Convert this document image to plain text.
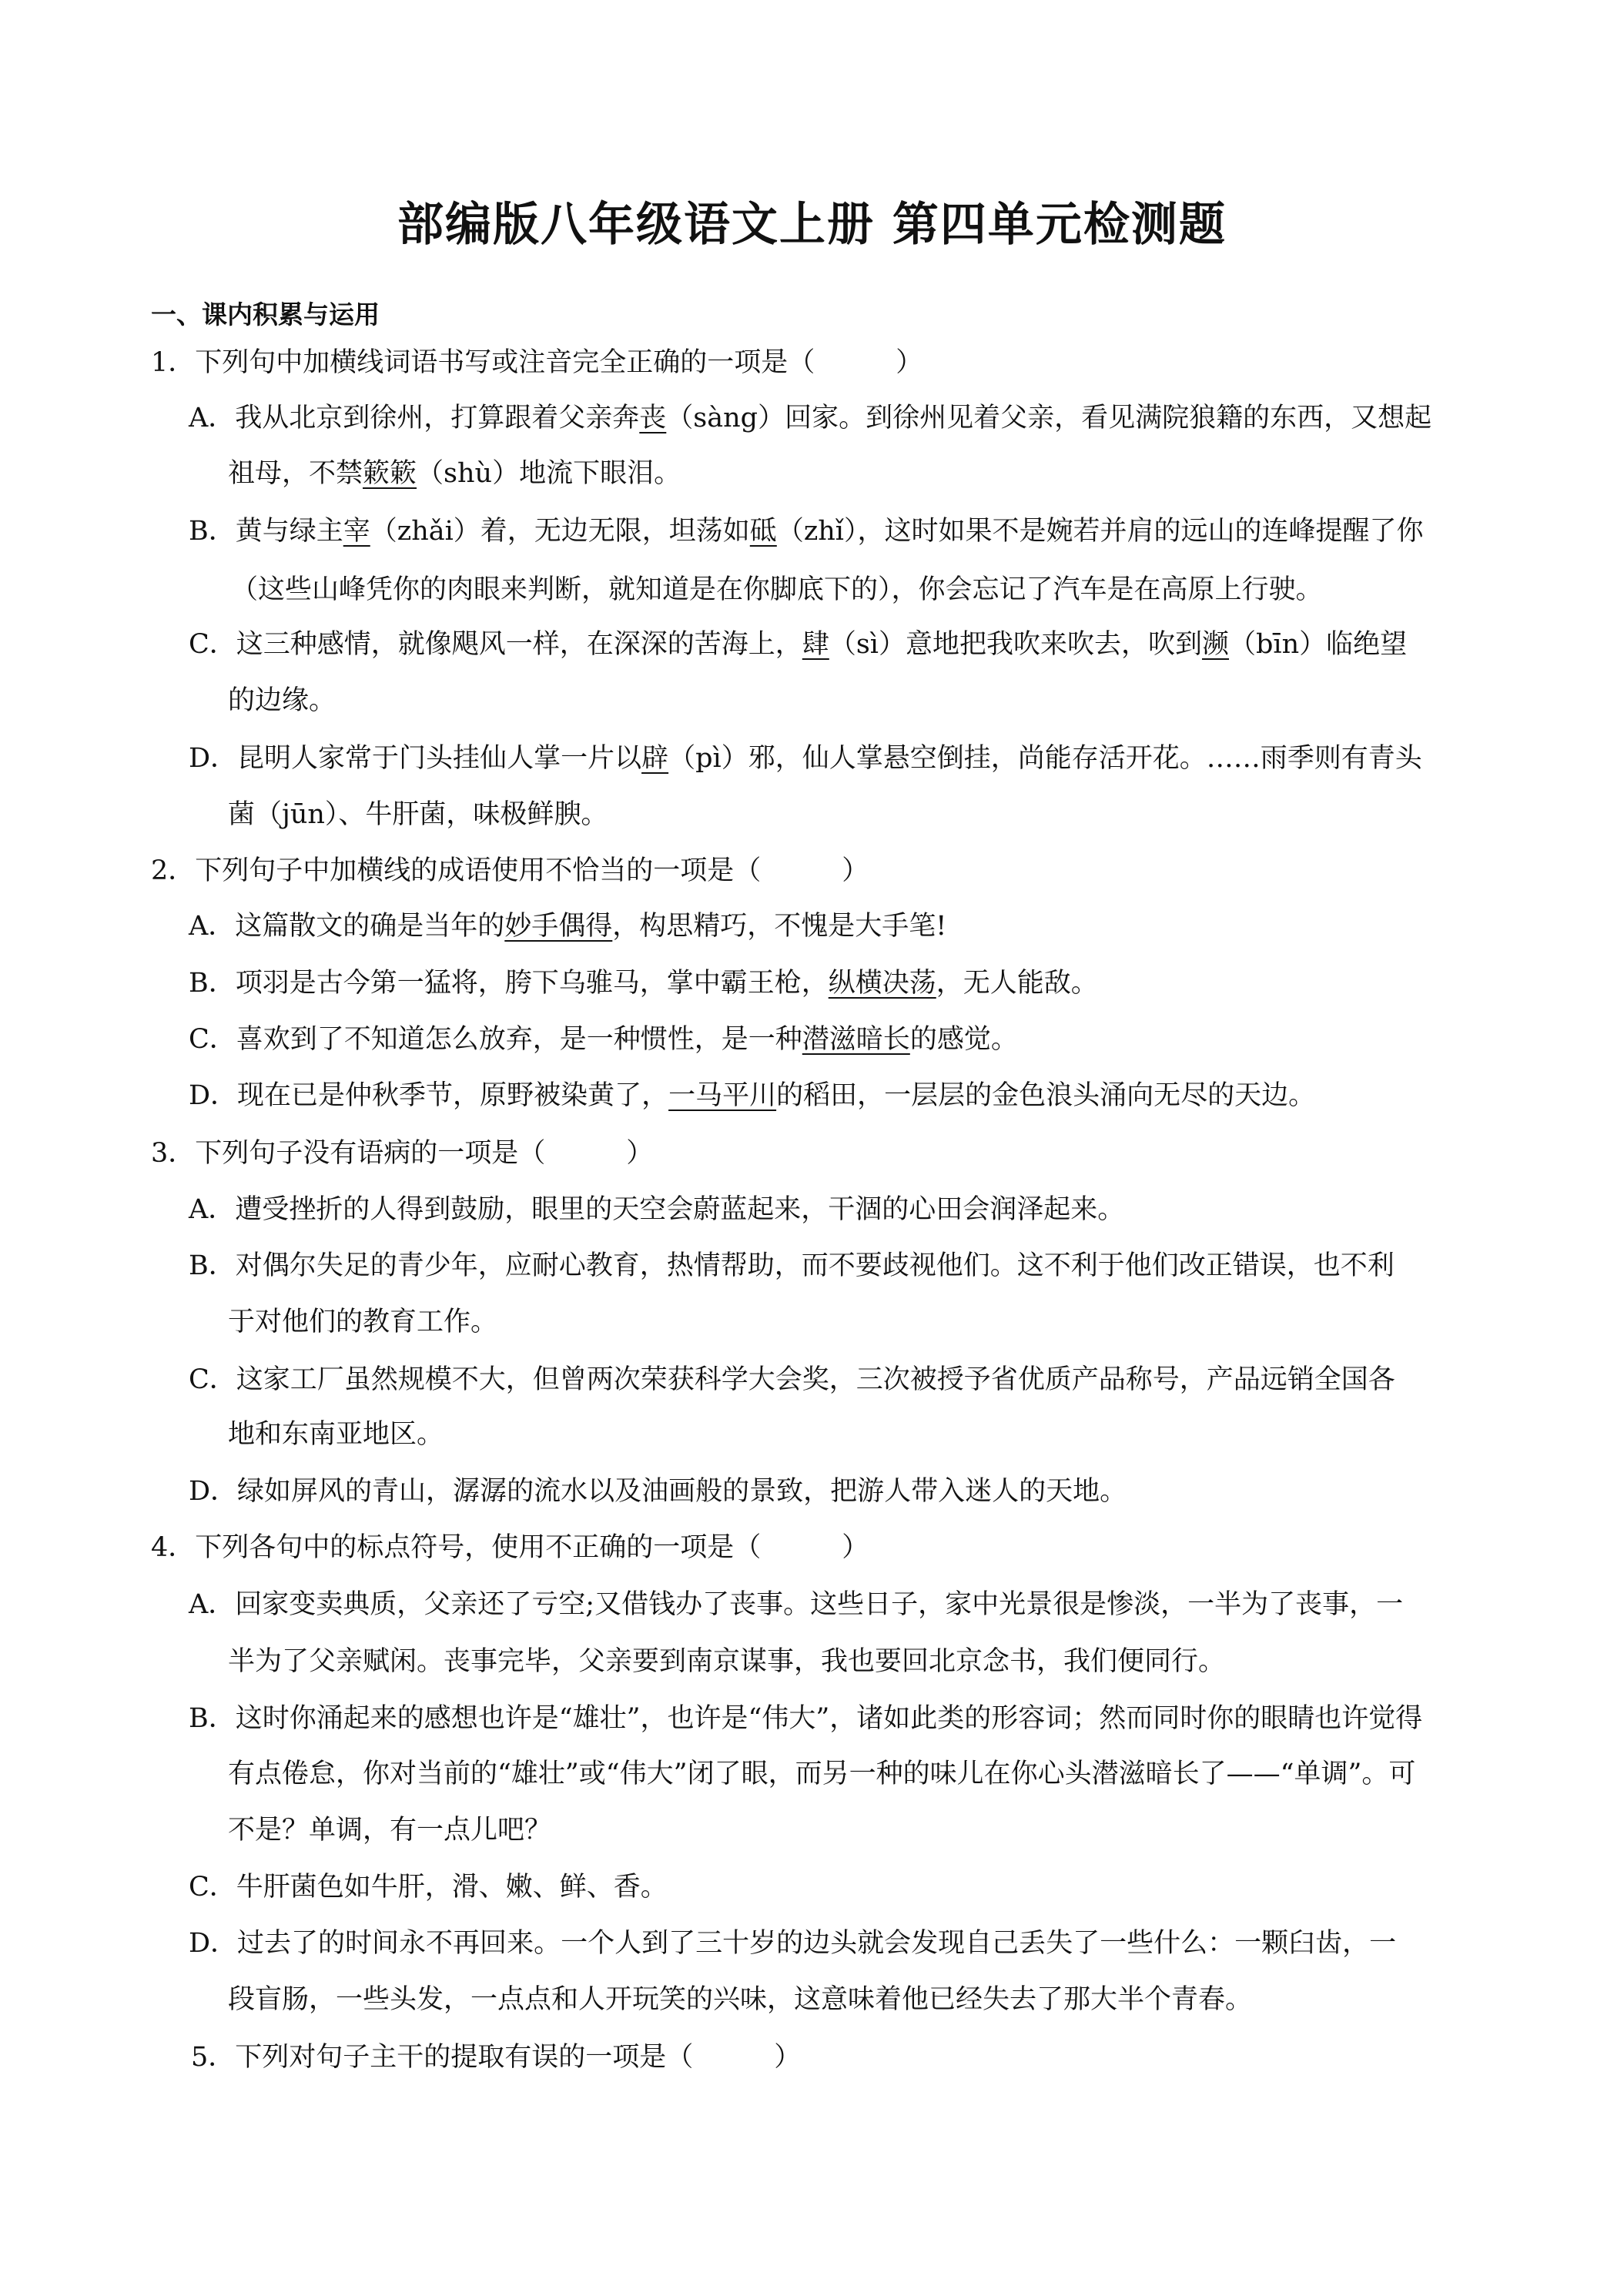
部编版八年级语文上册 第四单元检测题
一、课内积累与运用
1．下列句中加横线词语书写或注音完全正确的一项是（　　　）
A．我从北京到徐州，打算跟着父亲奔丧（sàng）回家。到徐州见着父亲，看见满院狼籍的东西，又想起
祖母，不禁簌簌（shù）地流下眼泪。
B．黄与绿主宰（zhǎi）着，无边无限，坦荡如砥（zhǐ），这时如果不是婉若并肩的远山的连峰提醒了你
（这些山峰凭你的肉眼来判断，就知道是在你脚底下的），你会忘记了汽车是在高原上行驶。
C．这三种感情，就像飓风一样，在深深的苦海上，肆（sì）意地把我吹来吹去，吹到濒（bīn）临绝望
的边缘。
D．昆明人家常于门头挂仙人掌一片以辟（pì）邪，仙人掌悬空倒挂，尚能存活开花。……雨季则有青头
菌（jūn）、牛肝菌，味极鲜腴。
2．下列句子中加横线的成语使用不恰当的一项是（　　　）
A．这篇散文的确是当年的妙手偶得，构思精巧，不愧是大手笔!
B．项羽是古今第一猛将，胯下乌骓马，掌中霸王枪，纵横决荡，无人能敌。
C．喜欢到了不知道怎么放弃，是一种惯性，是一种潜滋暗长的感觉。
D．现在已是仲秋季节，原野被染黄了，一马平川的稻田，一层层的金色浪头涌向无尽的天边。
3．下列句子没有语病的一项是（　　　）
A．遭受挫折的人得到鼓励，眼里的天空会蔚蓝起来，干涸的心田会润泽起来。
B．对偶尔失足的青少年，应耐心教育，热情帮助，而不要歧视他们。这不利于他们改正错误，也不利
于对他们的教育工作。
C．这家工厂虽然规模不大，但曾两次荣获科学大会奖，三次被授予省优质产品称号，产品远销全国各
地和东南亚地区。
D．绿如屏风的青山，潺潺的流水以及油画般的景致，把游人带入迷人的天地。
4．下列各句中的标点符号，使用不正确的一项是（　　　）
A．回家变卖典质，父亲还了亏空;又借钱办了丧事。这些日子，家中光景很是惨淡，一半为了丧事，一
半为了父亲赋闲。丧事完毕，父亲要到南京谋事，我也要回北京念书，我们便同行。
B．这时你涌起来的感想也许是“雄壮”，也许是“伟大”，诸如此类的形容词；然而同时你的眼睛也许觉得
有点倦怠，你对当前的“雄壮”或“伟大”闭了眼，而另一种的味儿在你心头潜滋暗长了——“单调”。可
不是？单调，有一点儿吧？
C．牛肝菌色如牛肝，滑、嫩、鲜、香。
D．过去了的时间永不再回来。一个人到了三十岁的边头就会发现自己丢失了一些什么：一颗臼齿，一
段盲肠，一些头发，一点点和人开玩笑的兴味，这意味着他已经失去了那大半个青春。
5．下列对句子主干的提取有误的一项是（　　　）
